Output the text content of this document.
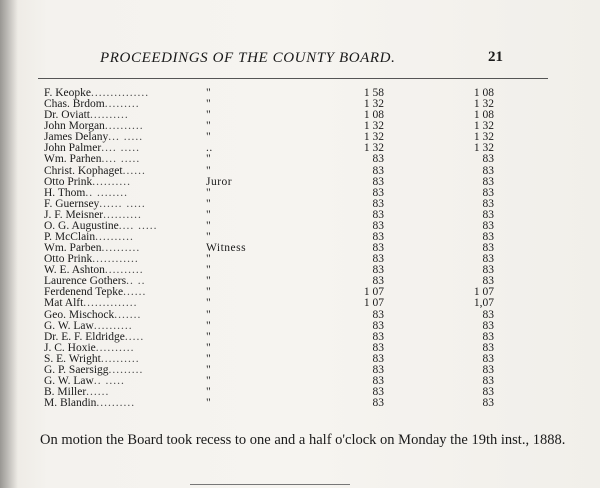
PROCEEDINGS OF THE COUNTY BOARD.	21
F. Keopke...............	"	1 58	1 08
Chas. Brdom.........	"	1 32	1 32
Dr. Oviatt..........	"	1 08	1 08
John Morgan..........	"	1 32	1 32
James Delany... .....	"	1 32	1 32
John Palmer.... .....	..	1 32	1 32
Wm. Parhen.... .....	"	83	83
Christ. Kophaget......	"	83	83
Otto Prink..........	Juror	83	83
H. Thom.. ........	"	83	83
F. Guernsey...... .....	"	83	83
J. F. Meisner..........	"	83	83
O. G. Augustine.... .....	"	83	83
P. McClain..........	"	83	83
Wm. Parben..........	Witness	83	83
Otto Prink............	"	83	83
W. E. Ashton..........	"	83	83
Laurence Gothers.. ..	"	83	83
Ferdenend Tepke......	"	1 07	1 07
Mat Alft..............	"	1 07	1,07
Geo. Mischock.......	"	83	83
G. W. Law..........	"	83	83
Dr. E. F. Eldridge.....	"	83	83
J. C. Hoxie..........	"	83	83
S. E. Wright..........	"	83	83
G. P. Saersigg.........	"	83	83
G. W. Law.. .....	"	83	83
B. Miller......	"	83	83
M. Blandin..........	"	83	83
On motion the Board took recess to one and a half o'clock on Monday the 19th inst., 1888.
